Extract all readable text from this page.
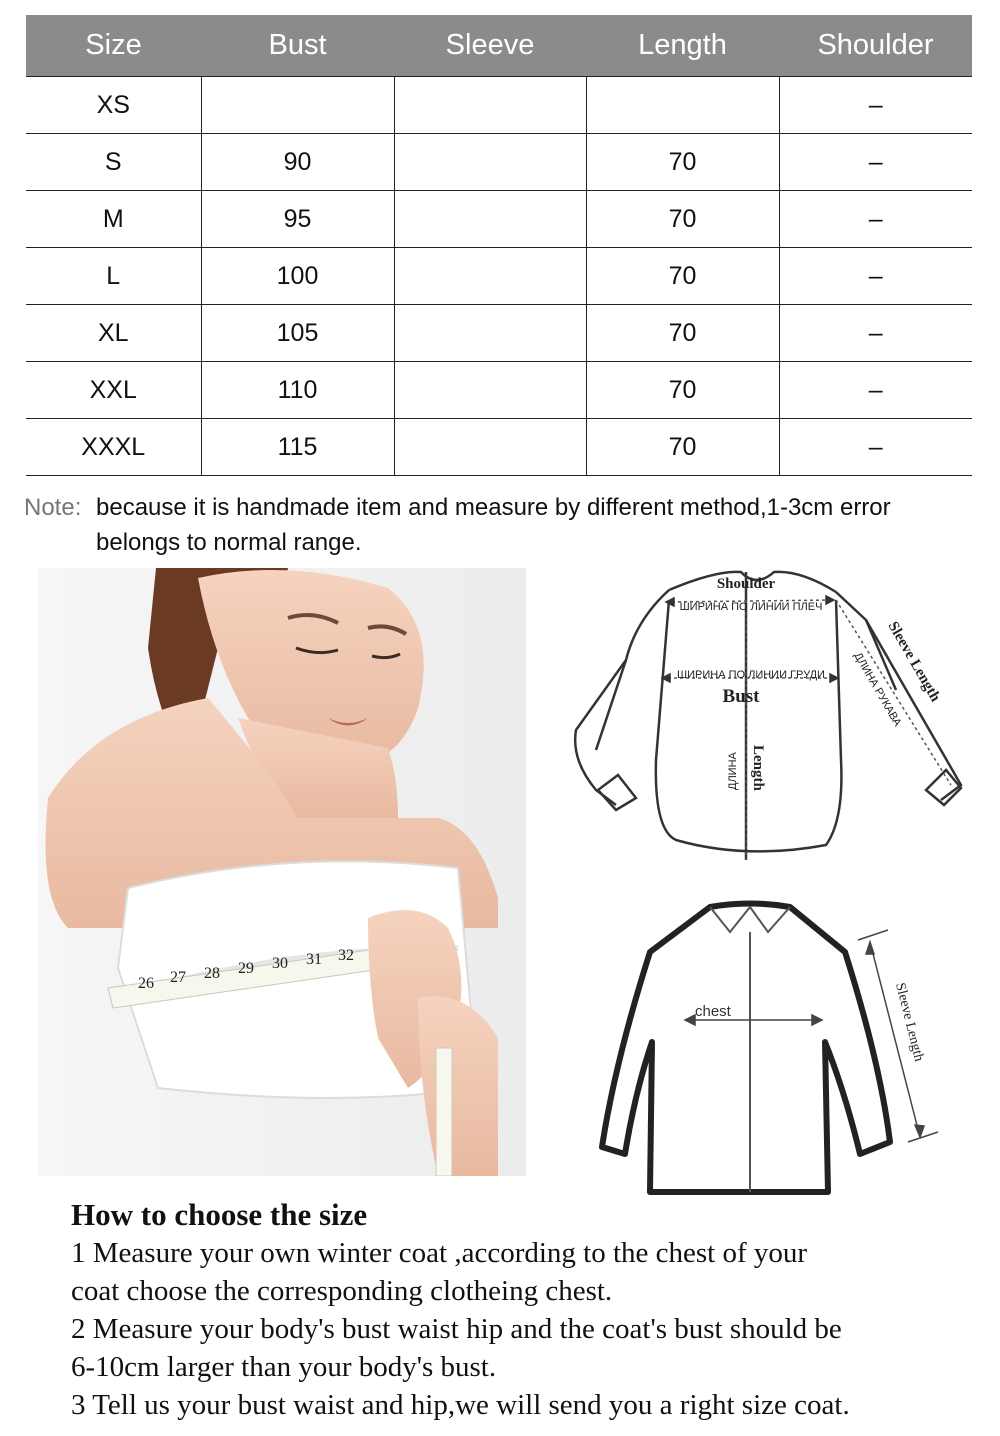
Size	Bust	Sleeve	Length	Shoulder
XS				–
S	90		70	–
M	95		70	–
L	100		70	–
XL	105		70	–
XXL	110		70	–
XXXL	115		70	–
Note: because it is handmade item and measure by different method,1-3cm error belongs to normal range.
26 27 28 29 30 31 32
Shoulder
ШИРИНА ПО ЛИНИИ ПЛЕЧ
ШИРИНА ПО ЛИНИИ ГРУДИ
Bust
ДЛИНА Length
ДЛИНА РУКАВА
Sleeve Length
chest	Sleeve Length
How to choose the size

1 Measure your own winter coat ,according to the chest of your

coat choose the corresponding clotheing chest.

2 Measure your body's bust waist hip and the coat's bust should be

6-10cm larger than your body's bust.

3 Tell us your bust waist and hip,we will send you a right size coat.
